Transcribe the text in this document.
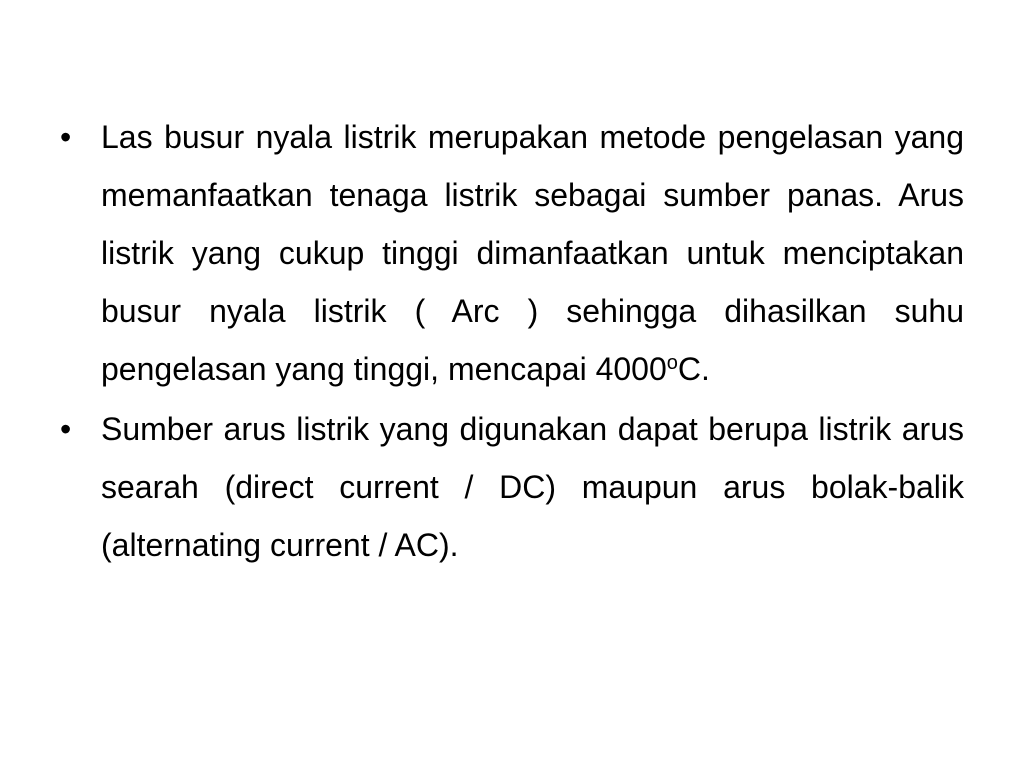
• Las busur nyala listrik merupakan metode pengelasan yang memanfaatkan tenaga listrik sebagai sumber panas. Arus listrik yang cukup tinggi dimanfaatkan untuk menciptakan busur nyala listrik ( Arc ) sehingga dihasilkan suhu pengelasan yang tinggi, mencapai 4000$^o$C.
• Sumber arus listrik yang digunakan dapat berupa listrik arus searah (direct current / DC) maupun arus bolak-balik (alternating current / AC).
